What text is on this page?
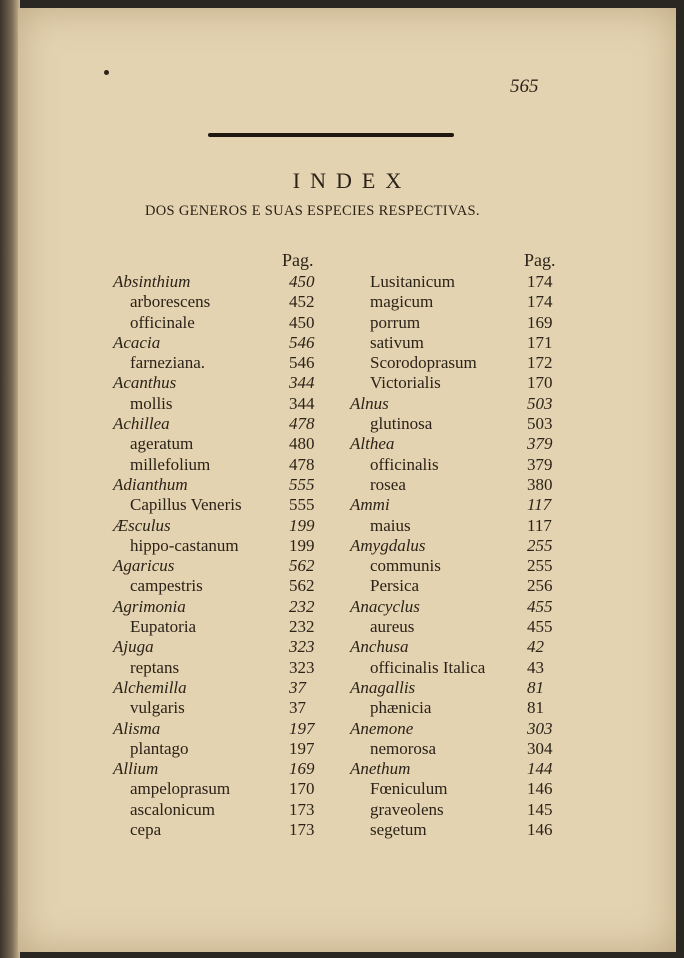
565
INDEX
DOS GENEROS E SUAS ESPECIES RESPECTIVAS.
Pag.	Pag.
Absinthium	450
arborescens	452
officinale	450
Acacia	546
farneziana.	546
Acanthus	344
mollis	344
Achillea	478
ageratum	480
millefolium	478
Adianthum	555
Capillus Veneris	555
Æsculus	199
hippo-castanum	199
Agaricus	562
campestris	562
Agrimonia	232
Eupatoria	232
Ajuga	323
reptans	323
Alchemilla	37
vulgaris	37
Alisma	197
plantago	197
Allium	169
ampeloprasum	170
ascalonicum	173
cepa	173
Lusitanicum	174
magicum	174
porrum	169
sativum	171
Scorodoprasum	172
Victorialis	170
Alnus	503
glutinosa	503
Althea	379
officinalis	379
rosea	380
Ammi	117
maius	117
Amygdalus	255
communis	255
Persica	256
Anacyclus	455
aureus	455
Anchusa	42
officinalis Italica 43
Anagallis	81
phænicia	81
Anemone	303
nemorosa	304
Anethum	144
Fœniculum	146
graveolens	145
segetum	146
